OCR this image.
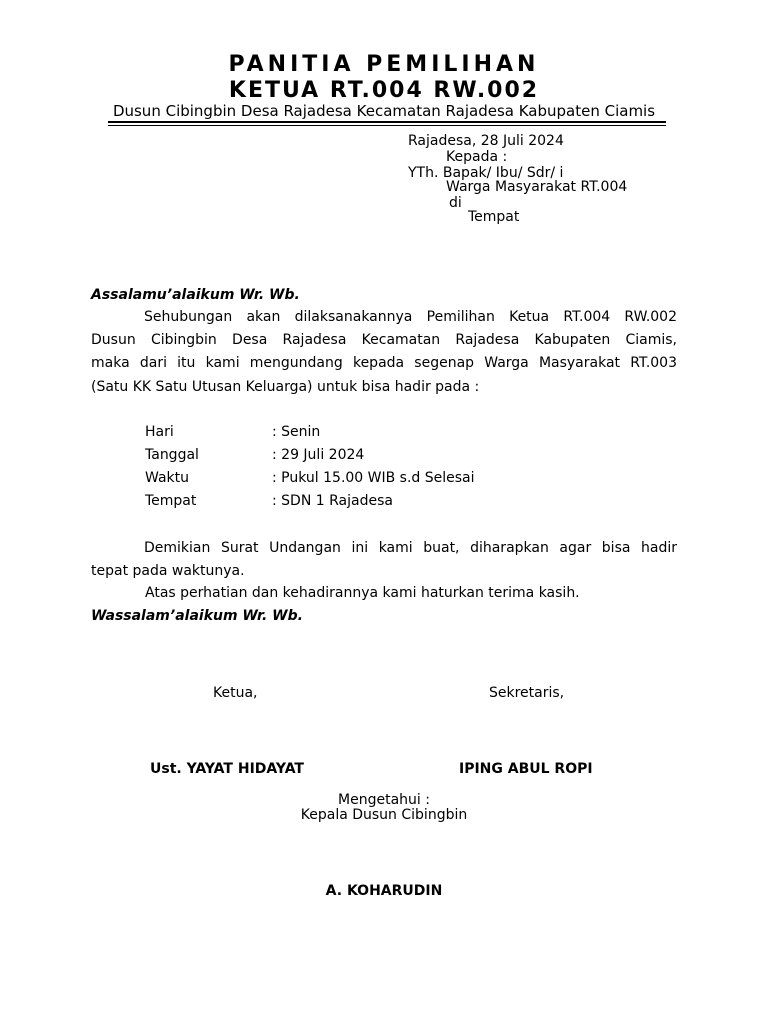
PANITIA PEMILIHAN
KETUA RT.004 RW.002
Dusun Cibingbin Desa Rajadesa Kecamatan Rajadesa Kabupaten Ciamis
Rajadesa, 28 Juli 2024
Kepada :
YTh. Bapak/ Ibu/ Sdr/ i
Warga Masyarakat RT.004
di
Tempat
Assalamu’alaikum Wr. Wb.
Sehubungan akan dilaksanakannya Pemilihan Ketua RT.004 RW.002
Dusun Cibingbin Desa Rajadesa Kecamatan Rajadesa Kabupaten Ciamis,
maka dari itu kami mengundang kepada segenap Warga Masyarakat RT.003
(Satu KK Satu Utusan Keluarga) untuk bisa hadir pada :
Hari	: Senin
Tanggal	: 29 Juli 2024
Waktu	: Pukul 15.00 WIB s.d Selesai
Tempat	: SDN 1 Rajadesa
Demikian Surat Undangan ini kami buat, diharapkan agar bisa hadir
tepat pada waktunya.
Atas perhatian dan kehadirannya kami haturkan terima kasih.
Wassalam’alaikum Wr. Wb.
Ketua,	Sekretaris,
Ust. YAYAT HIDAYAT	IPING ABUL ROPI
Mengetahui :
Kepala Dusun Cibingbin
A. KOHARUDIN
